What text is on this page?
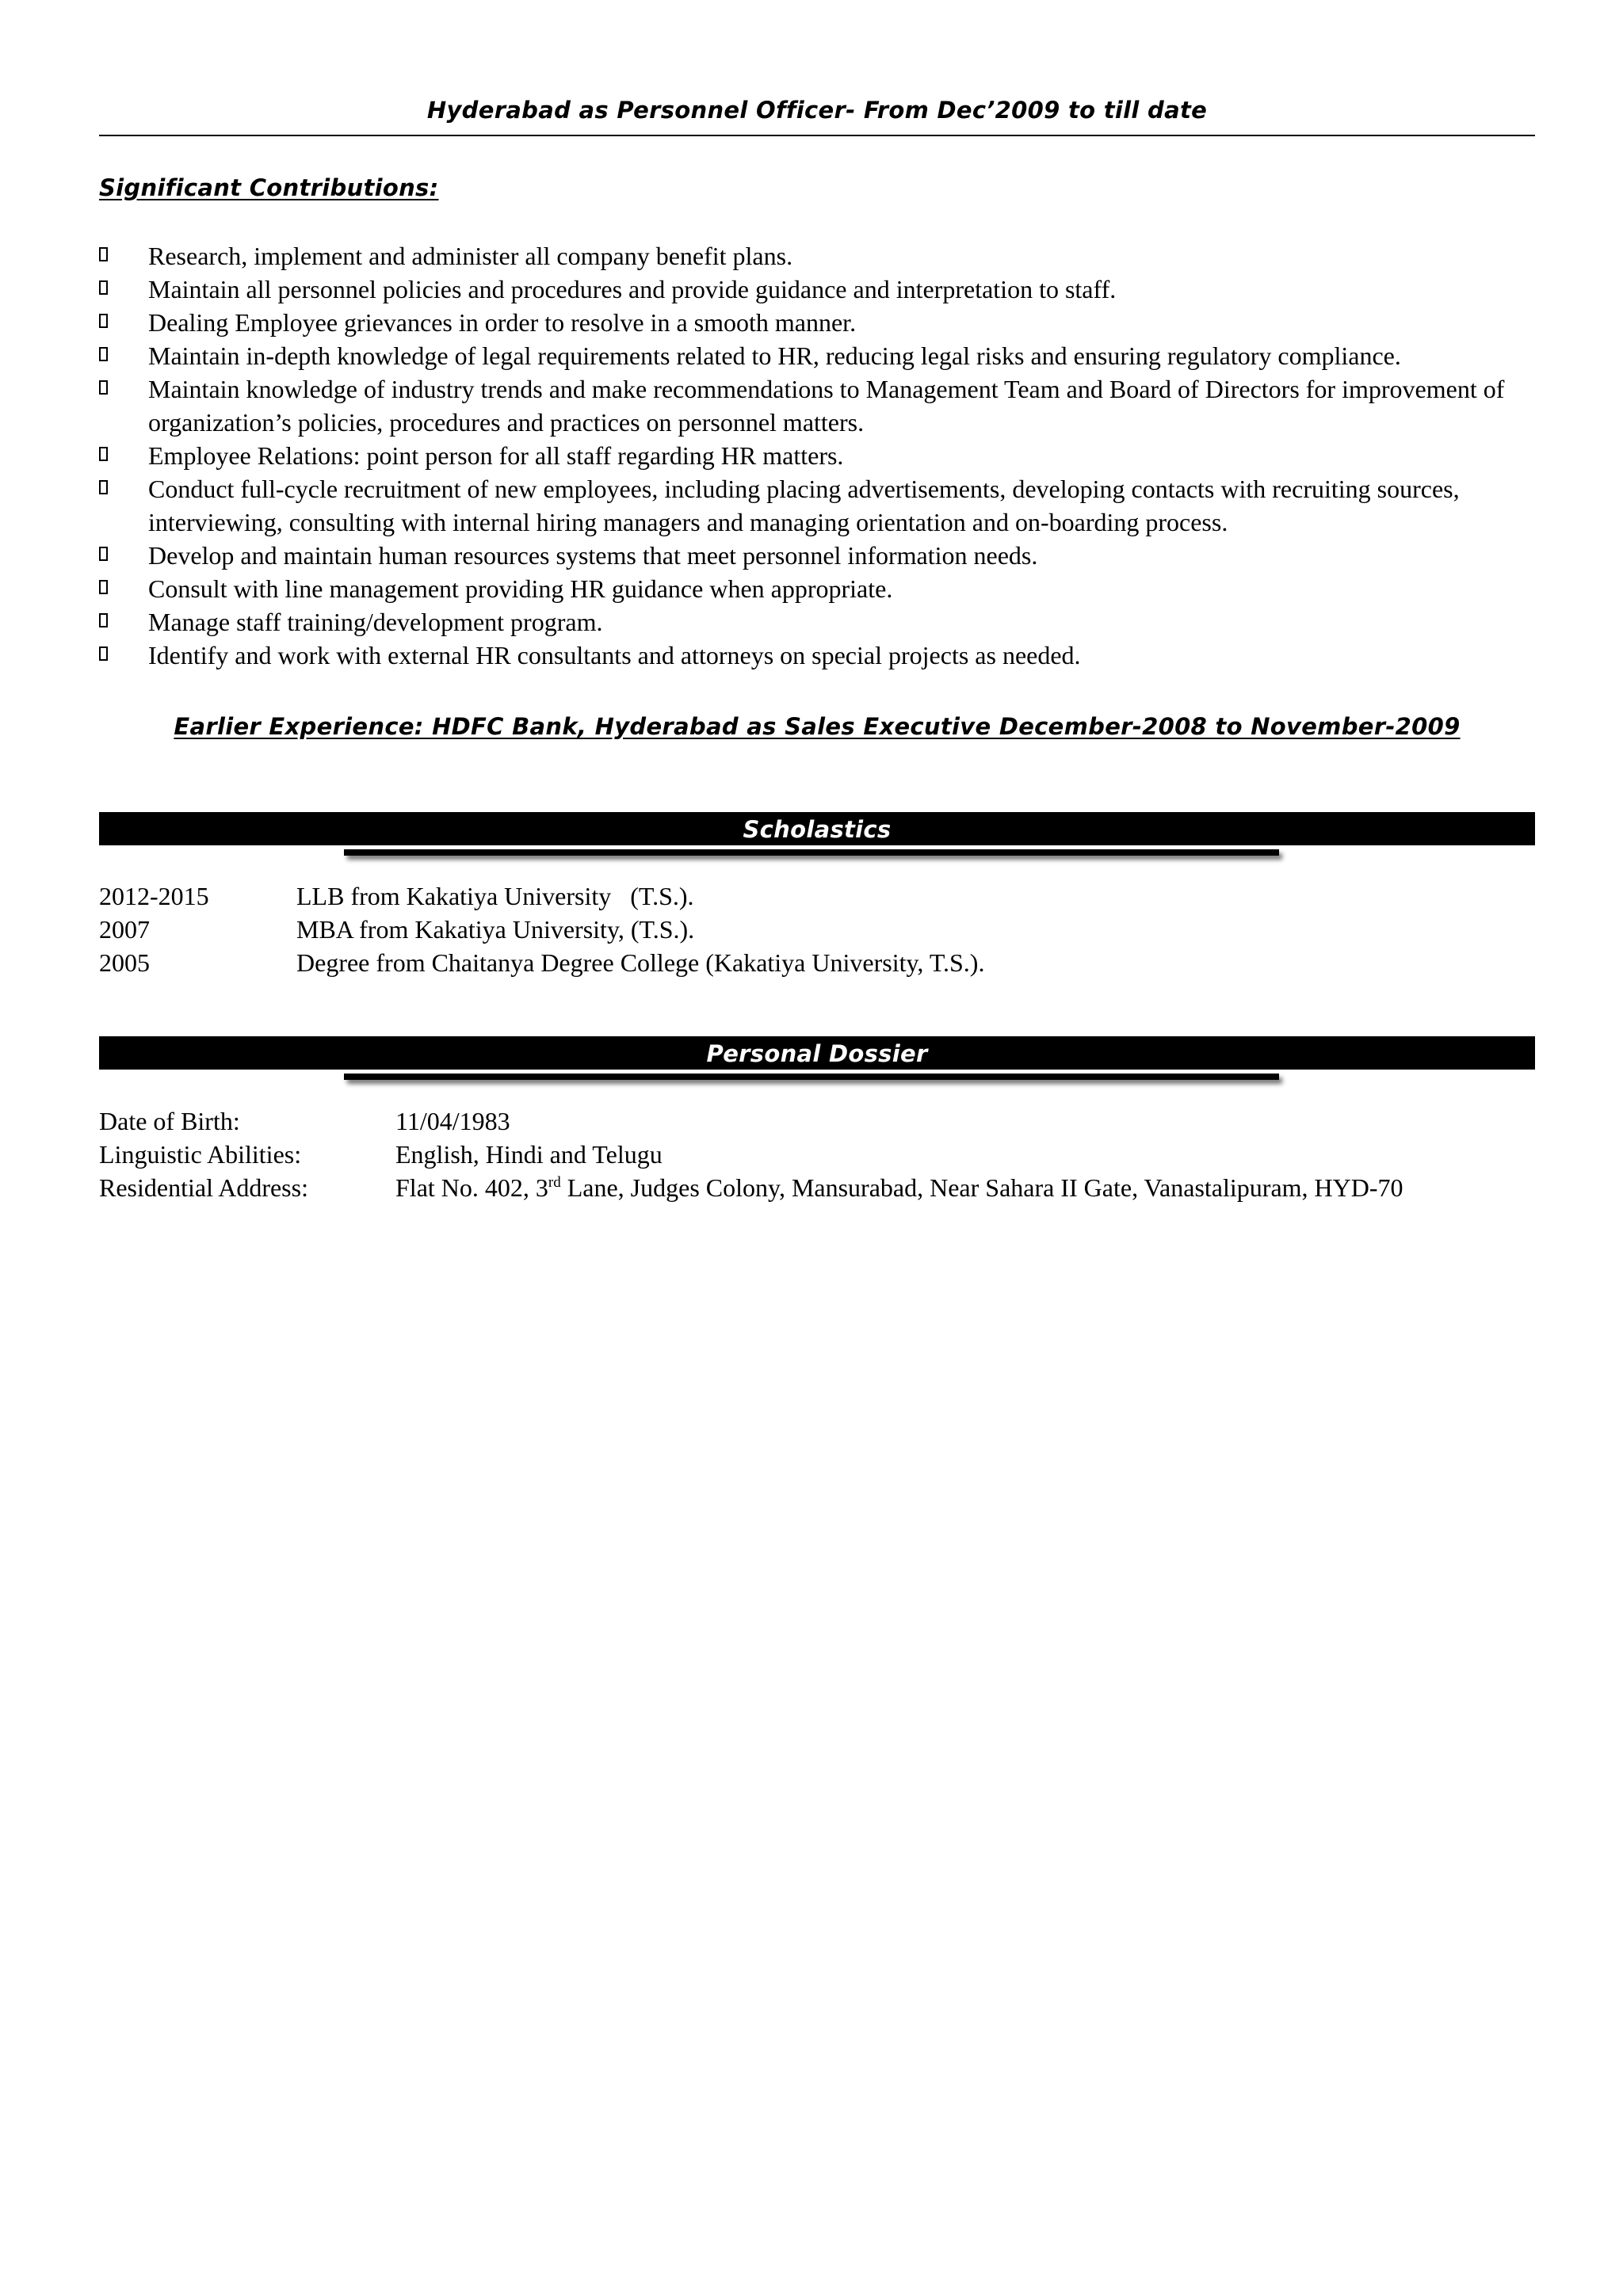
Hyderabad as Personnel Officer- From Dec’2009 to till date
Significant Contributions:
Research, implement and administer all company benefit plans.
Maintain all personnel policies and procedures and provide guidance and interpretation to staff.
Dealing Employee grievances in order to resolve in a smooth manner.
Maintain in-depth knowledge of legal requirements related to HR, reducing legal risks and ensuring regulatory compliance.
Maintain knowledge of industry trends and make recommendations to Management Team and Board of Directors for improvement of organization’s policies, procedures and practices on personnel matters.
Employee Relations: point person for all staff regarding HR matters.
Conduct full-cycle recruitment of new employees, including placing advertisements, developing contacts with recruiting sources, interviewing, consulting with internal hiring managers and managing orientation and on-boarding process.
Develop and maintain human resources systems that meet personnel information needs.
Consult with line management providing HR guidance when appropriate.
Manage staff training/development program.
Identify and work with external HR consultants and attorneys on special projects as needed.
Earlier Experience: HDFC Bank, Hyderabad as Sales Executive December-2008 to November-2009
Scholastics
2012-2015	LLB from Kakatiya University   (T.S.).
2007	MBA from Kakatiya University, (T.S.).
2005	Degree from Chaitanya Degree College (Kakatiya University, T.S.).
Personal Dossier
Date of Birth:	11/04/1983
Linguistic Abilities:	English, Hindi and Telugu
Residential Address:	Flat No. 402, 3rd Lane, Judges Colony, Mansurabad, Near Sahara II Gate, Vanastalipuram, HYD-70
